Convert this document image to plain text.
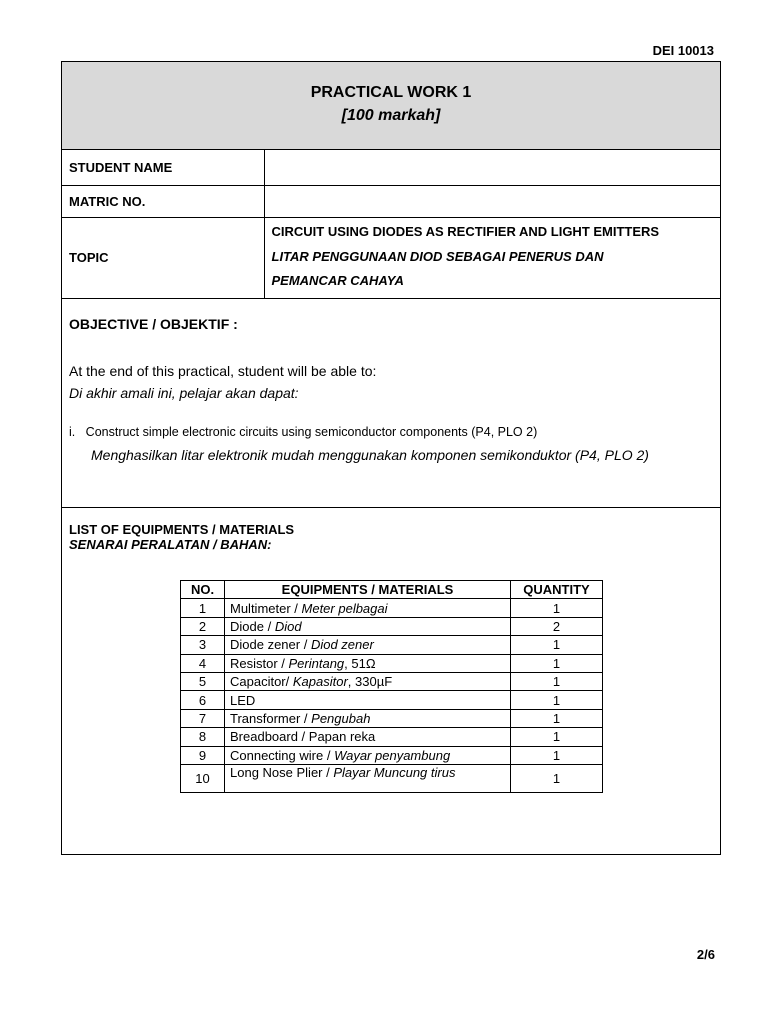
DEI 10013
PRACTICAL WORK 1
[100 markah]
STUDENT NAME	
MATRIC NO.	
TOPIC	CIRCUIT USING DIODES AS RECTIFIER AND LIGHT EMITTERS
LITAR PENGGUNAAN DIOD SEBAGAI PENERUS DAN
PEMANCAR CAHAYA
OBJECTIVE / OBJEKTIF :
At the end of this practical, student will be able to:
Di akhir amali ini, pelajar akan dapat:
i.   Construct simple electronic circuits using semiconductor components (P4, PLO 2)
Menghasilkan litar elektronik mudah menggunakan komponen semikonduktor (P4, PLO 2)
LIST OF EQUIPMENTS / MATERIALS
SENARAI PERALATAN / BAHAN:
NO.	EQUIPMENTS / MATERIALS	QUANTITY
1	Multimeter / Meter pelbagai	1
2	Diode / Diod	2
3	Diode zener / Diod zener	1
4	Resistor / Perintang, 51Ω	1
5	Capacitor/ Kapasitor, 330µF	1
6	LED	1
7	Transformer / Pengubah	1
8	Breadboard / Papan reka	1
9	Connecting wire / Wayar penyambung	1
10	Long Nose Plier / Playar Muncung tirus	1
2/6
